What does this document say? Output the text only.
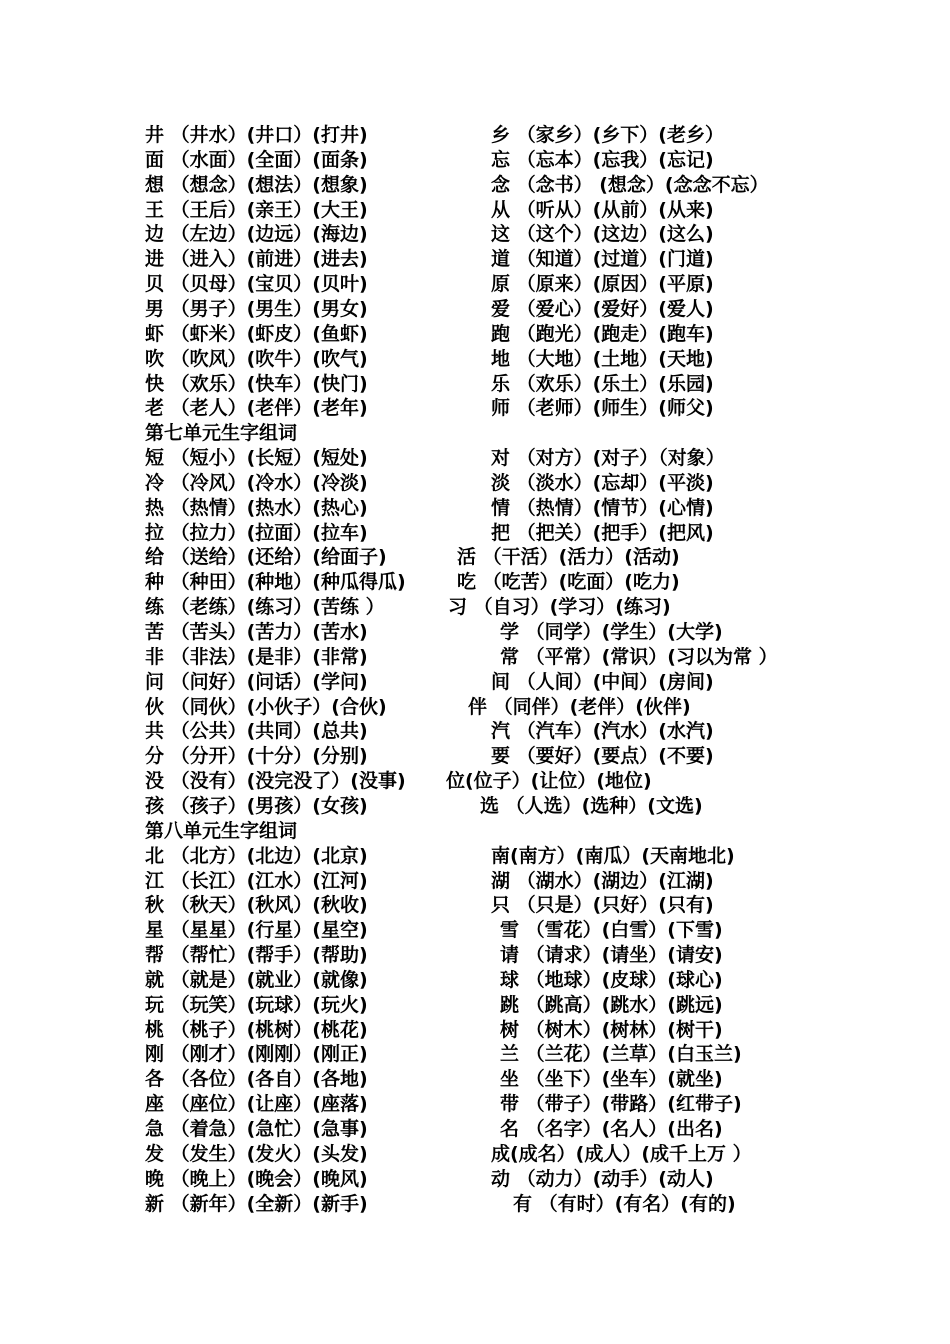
井 （井水）(井口）(打井)	乡 （家乡）(乡下）(老乡）
面 （水面）(全面）(面条)	忘 （忘本）(忘我）(忘记)
想 （想念）(想法）(想象)	念 （念书） (想念）(念念不忘）
王 （王后）(亲王）(大王)	从 （听从）(从前）(从来)
边 （左边）(边远）(海边)	这 （这个）(这边）(这么)
进 （进入）(前进）(进去)	道 （知道）(过道）(门道)
贝 （贝母）(宝贝）(贝叶)	原 （原来）(原因）(平原)
男 （男子）(男生）(男女)	爱 （爱心）(爱好）(爱人)
虾 （虾米）(虾皮）(鱼虾)	跑 （跑光）(跑走）(跑车)
吹 （吹风）(吹牛）(吹气)	地 （大地）(土地）(天地)
快 （欢乐）(快车）(快门)	乐 （欢乐）(乐土）(乐园)
老 （老人）(老伴）(老年)	师 （老师）(师生）(师父)
第七单元生字组词
短 （短小）(长短）(短处)	对 （对方）(对子）（对象）
冷 （冷风）(冷水）(冷淡)	淡 （淡水）(忘却）(平淡)
热 （热情）(热水）(热心)	情 （热情）(情节）(心情)
拉 （拉力）(拉面）(拉车)	把 （把关）(把手）(把风)
给 （送给）(还给）(给面子)	活 （干活）(活力）(活动)
种 （种田）(种地）(种瓜得瓜)	吃 （吃苦）(吃面）(吃力)
练 （老练）(练习）(苦练 ）	习 （自习）(学习）(练习)
苦 （苦头）(苦力）(苦水)	学 （同学）(学生）(大学)
非 （非法）(是非）(非常)	常 （平常）(常识）(习以为常 ）
问 （问好）(问话）(学问)	间 （人间）(中间）(房间)
伙 （同伙）(小伙子）(合伙)	伴 （同伴）(老伴）(伙伴)
共 （公共）(共同）(总共)	汽 （汽车）(汽水）(水汽)
分 （分开）(十分）(分别)	要 （要好）(要点）(不要)
没 （没有）(没完没了）(没事) 位(位子）(让位）(地位)
孩 （孩子）(男孩）(女孩)	选 （人选）(选种）(文选)
第八单元生字组词
北 （北方）(北边）(北京)	南(南方）(南瓜）(天南地北)
江 （长江）(江水）(江河)	湖 （湖水）(湖边）(江湖)
秋 （秋天）(秋风）(秋收)	只 （只是）(只好）(只有)
星 （星星）(行星）(星空)	雪 （雪花）(白雪）(下雪)
帮 （帮忙）(帮手）(帮助)	请 （请求）(请坐）(请安)
就 （就是）(就业）(就像)	球 （地球）(皮球）(球心)
玩 （玩笑）(玩球）(玩火)	跳 （跳高）(跳水）(跳远)
桃 （桃子）(桃树）(桃花)	树 （树木）(树林）(树干)
刚 （刚才）(刚刚）(刚正)	兰 （兰花）(兰草）(白玉兰)
各 （各位）(各自）(各地)	坐 （坐下）(坐车）(就坐)
座 （座位）(让座）(座落)	带 （带子）(带路）(红带子)
急 （着急）(急忙）(急事)	名 （名字）(名人）(出名)
发 （发生）(发火）(头发)	成(成名）(成人）(成千上万 ）
晚 （晚上）(晚会）(晚风)	动 （动力）(动手）(动人)
新 （新年）(全新）(新手)	有 （有时）(有名）(有的)
